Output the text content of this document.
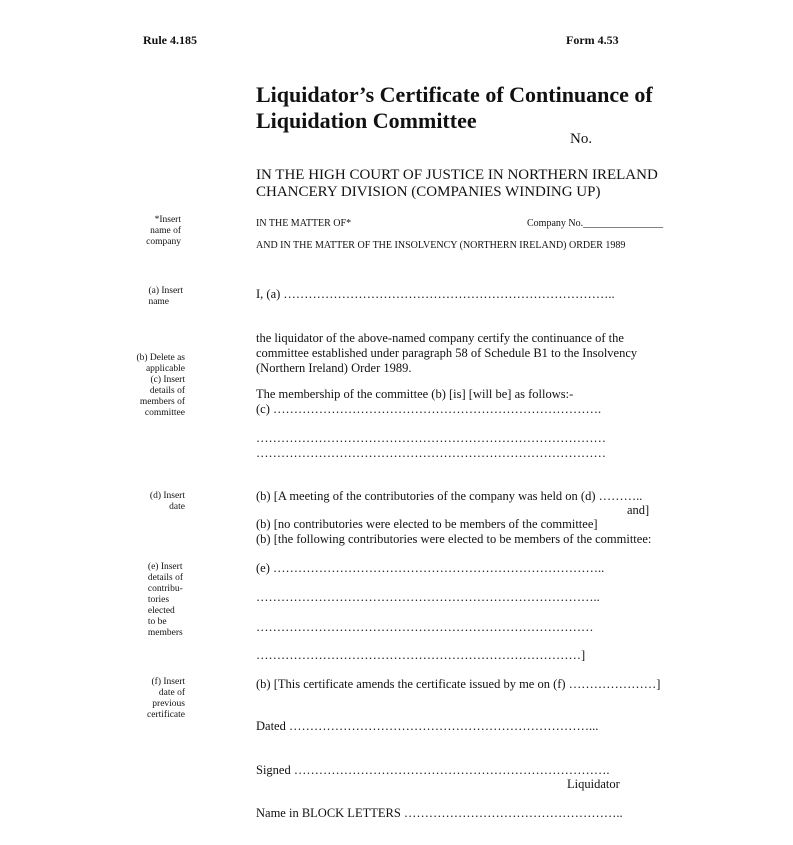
Rule 4.185	Form 4.53
Liquidator’s Certificate of Continuance of
Liquidation Committee
No.
IN THE HIGH COURT OF JUSTICE IN NORTHERN IRELAND
CHANCERY DIVISION (COMPANIES WINDING UP)
IN THE MATTER OF*	Company No.________________
AND IN THE MATTER OF THE INSOLVENCY (NORTHERN IRELAND) ORDER 1989
*Insert
name of
company
(a) Insert
name
(b) Delete as
applicable
(c) Insert
details of
members of
committee
(d) Insert
date
(e) Insert
details of
contribu-
tories
elected
to be
members
(f) Insert
date of
previous
certificate
I, (a) ……………………………………………………………………..
the liquidator of the above-named company certify the continuance of the
committee established under paragraph 58 of Schedule B1 to the Insolvency
(Northern Ireland) Order 1989.
The membership of the committee (b) [is] [will be] as follows:-
(c) …………………………………………………………………….
…………………………………………………………………………
…………………………………………………………………………
(b) [A meeting of the contributories of the company was held on (d) ………..
and]
(b) [no contributories were elected to be members of the committee]
(b) [the following contributories were elected to be members of the committee:
(e) ……………………………………………………………………..
………………………………………………………………………..
………………………………………………………………………
……………………………………………………………………]
(b) [This certificate amends the certificate issued by me on (f) …………………]
Dated ………………………………………………………………...
Signed ………………………………………………………………….
Liquidator
Name in BLOCK LETTERS ……………………………………………..
